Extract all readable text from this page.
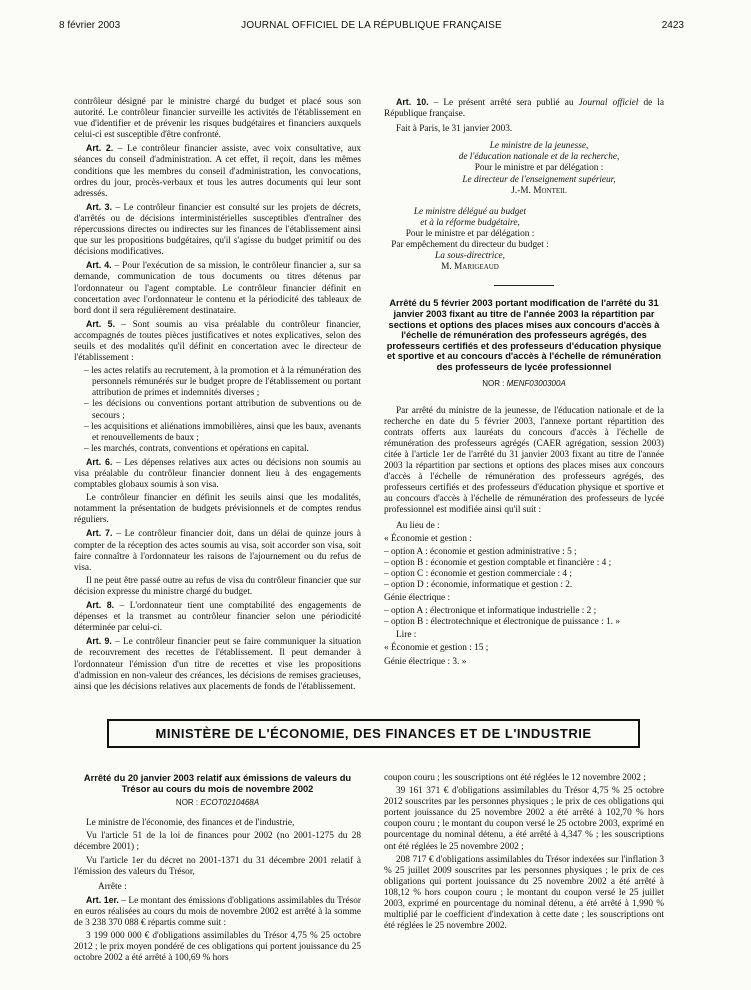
8 février 2003	JOURNAL OFFICIEL DE LA RÉPUBLIQUE FRANÇAISE	2423

contrôleur désigné par le ministre chargé du budget et placé sous son autorité. Le contrôleur financier surveille les activités de l'établissement en vue d'identifier et de prévenir les risques budgétaires et financiers auxquels celui-ci est susceptible d'être confronté.

Art. 2. – Le contrôleur financier assiste, avec voix consultative, aux séances du conseil d'administration. A cet effet, il reçoit, dans les mêmes conditions que les membres du conseil d'administration, les convocations, ordres du jour, procès-verbaux et tous les autres documents qui leur sont adressés.

Art. 3. – Le contrôleur financier est consulté sur les projets de décrets, d'arrêtés ou de décisions interministérielles susceptibles d'entraîner des répercussions directes ou indirectes sur les finances de l'établissement ainsi que sur les propositions budgétaires, qu'il s'agisse du budget primitif ou des décisions modificatives.

Art. 4. – Pour l'exécution de sa mission, le contrôleur financier a, sur sa demande, communication de tous documents ou titres détenus par l'ordonnateur ou l'agent comptable. Le contrôleur financier définit en concertation avec l'ordonnateur le contenu et la périodicité des tableaux de bord dont il sera régulièrement destinataire.

Art. 5. – Sont soumis au visa préalable du contrôleur financier, accompagnés de toutes pièces justificatives et notes explicatives, selon des seuils et des modalités qu'il définit en concertation avec le directeur de l'établissement :

– les actes relatifs au recrutement, à la promotion et à la rémunération des personnels rémunérés sur le budget propre de l'établissement ou portant attribution de primes et indemnités diverses ;
– les décisions ou conventions portant attribution de subventions ou de secours ;
– les acquisitions et aliénations immobilières, ainsi que les baux, avenants et renouvellements de baux ;
– les marchés, contrats, conventions et opérations en capital.

Art. 6. – Les dépenses relatives aux actes ou décisions non soumis au visa préalable du contrôleur financier donnent lieu à des engagements comptables globaux soumis à son visa.

Le contrôleur financier en définit les seuils ainsi que les modalités, notamment la présentation de budgets prévisionnels et de comptes rendus réguliers.

Art. 7. – Le contrôleur financier doit, dans un délai de quinze jours à compter de la réception des actes soumis au visa, soit accorder son visa, soit faire connaître à l'ordonnateur les raisons de l'ajournement ou du refus de visa.

Il ne peut être passé outre au refus de visa du contrôleur financier que sur décision expresse du ministre chargé du budget.

Art. 8. – L'ordonnateur tient une comptabilité des engagements de dépenses et la transmet au contrôleur financier selon une périodicité déterminée par celui-ci.

Art. 9. – Le contrôleur financier peut se faire communiquer la situation de recouvrement des recettes de l'établissement. Il peut demander à l'ordonnateur l'émission d'un titre de recettes et vise les propositions d'admission en non-valeur des créances, les décisions de remises gracieuses, ainsi que les décisions relatives aux placements de fonds de l'établissement.

Art. 10. – Le présent arrêté sera publié au Journal officiel de la République française.

Fait à Paris, le 31 janvier 2003.

Le ministre de la jeunesse,

de l'éducation nationale et de la recherche,

Pour le ministre et par délégation :

Le directeur de l'enseignement supérieur,

J.-M. Monteil

Le ministre délégué au budget

et à la réforme budgétaire,

Pour le ministre et par délégation :

Par empêchement du directeur du budget :

La sous-directrice,

M. Marigeaud

Arrêté du 5 février 2003 portant modification de l'arrêté du 31 janvier 2003 fixant au titre de l'année 2003 la répartition par sections et options des places mises aux concours d'accès à l'échelle de rémunération des professeurs agrégés, des professeurs certifiés et des professeurs d'éducation physique et sportive et au concours d'accès à l'échelle de rémunération des professeurs de lycée professionnel
NOR : MENF0300300A

Par arrêté du ministre de la jeunesse, de l'éducation nationale et de la recherche en date du 5 février 2003, l'annexe portant répartition des contrats offerts aux lauréats du concours d'accès à l'échelle de rémunération des professeurs agrégés (CAER agrégation, session 2003) citée à l'article 1er de l'arrêté du 31 janvier 2003 fixant au titre de l'année 2003 la répartition par sections et options des places mises aux concours d'accès à l'échelle de rémunération des professeurs agrégés, des professeurs certifiés et des professeurs d'éducation physique et sportive et au concours d'accès à l'échelle de rémunération des professeurs de lycée professionnel est modifiée ainsi qu'il suit :

Au lieu de :

« Économie et gestion :

– option A : économie et gestion administrative : 5 ;
– option B : économie et gestion comptable et financière : 4 ;
– option C : économie et gestion commerciale : 4 ;
– option D : économie, informatique et gestion : 2.

Génie électrique :

– option A : électronique et informatique industrielle : 2 ;
– option B : électrotechnique et électronique de puissance : 1. »

Lire :

« Économie et gestion : 15 ;

Génie électrique : 3. »

MINISTÈRE DE L'ÉCONOMIE, DES FINANCES ET DE L'INDUSTRIE
Arrêté du 20 janvier 2003 relatif aux émissions de valeurs du Trésor au cours du mois de novembre 2002
NOR : ECOT0210468A

Le ministre de l'économie, des finances et de l'industrie,

Vu l'article 51 de la loi de finances pour 2002 (no 2001-1275 du 28 décembre 2001) ;

Vu l'article 1er du décret no 2001-1371 du 31 décembre 2001 relatif à l'émission des valeurs du Trésor,

Arrête :

Art. 1er. – Le montant des émissions d'obligations assimilables du Trésor en euros réalisées au cours du mois de novembre 2002 est arrêté à la somme de 3 238 370 088 € répartis comme suit :

3 199 000 000 € d'obligations assimilables du Trésor 4,75 % 25 octobre 2012 ; le prix moyen pondéré de ces obligations qui portent jouissance du 25 octobre 2002 a été arrêté à 100,69 % hors

coupon couru ; les souscriptions ont été réglées le 12 novembre 2002 ;

39 161 371 € d'obligations assimilables du Trésor 4,75 % 25 octobre 2012 souscrites par les personnes physiques ; le prix de ces obligations qui portent jouissance du 25 novembre 2002 a été arrêté à 102,70 % hors coupon couru ; le montant du coupon versé le 25 octobre 2003, exprimé en pourcentage du nominal détenu, a été arrêté à 4,347 % ; les souscriptions ont été réglées le 25 novembre 2002 ;

208 717 € d'obligations assimilables du Trésor indexées sur l'inflation 3 % 25 juillet 2009 souscrites par les personnes physiques ; le prix de ces obligations qui portent jouissance du 25 novembre 2002 a été arrêté à 108,12 % hors coupon couru ; le montant du coupon versé le 25 juillet 2003, exprimé en pourcentage du nominal détenu, a été arrêté à 1,990 % multiplié par le coefficient d'indexation à cette date ; les souscriptions ont été réglées le 25 novembre 2002.
